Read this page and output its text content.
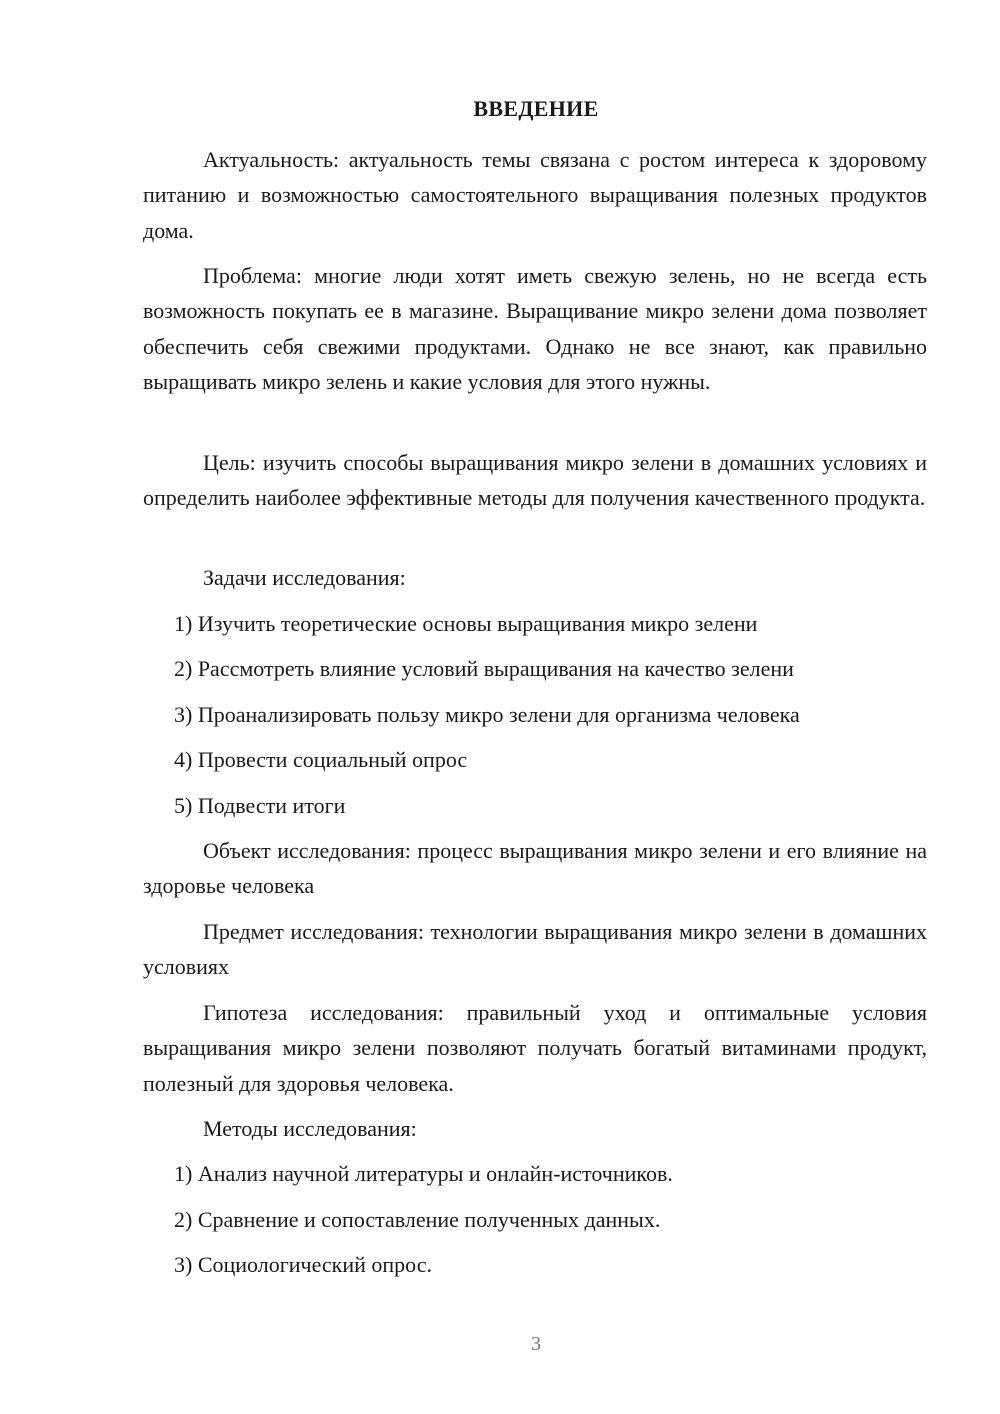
ВВЕДЕНИЕ

Актуальность: актуальность темы связана с ростом интереса к здоровому питанию и возможностью самостоятельного выращивания полезных продуктов дома.

Проблема: многие люди хотят иметь свежую зелень, но не всегда есть возможность покупать ее в магазине. Выращивание микро зелени дома позволяет обеспечить себя свежими продуктами. Однако не все знают, как правильно выращивать микро зелень и какие условия для этого нужны.

Цель: изучить способы выращивания микро зелени в домашних условиях и определить наиболее эффективные методы для получения качественного продукта.

Задачи исследования:

1) Изучить теоретические основы выращивания микро зелени

2) Рассмотреть влияние условий выращивания на качество зелени

3) Проанализировать пользу микро зелени для организма человека

4) Провести социальный опрос

5) Подвести итоги

Объект исследования: процесс выращивания микро зелени и его влияние на здоровье человека

Предмет исследования: технологии выращивания микро зелени в домашних условиях

Гипотеза исследования: правильный уход и оптимальные условия выращивания микро зелени позволяют получать богатый витаминами продукт, полезный для здоровья человека.

Методы исследования:

1) Анализ научной литературы и онлайн-источников.

2) Сравнение и сопоставление полученных данных.

3) Социологический опрос.

3
